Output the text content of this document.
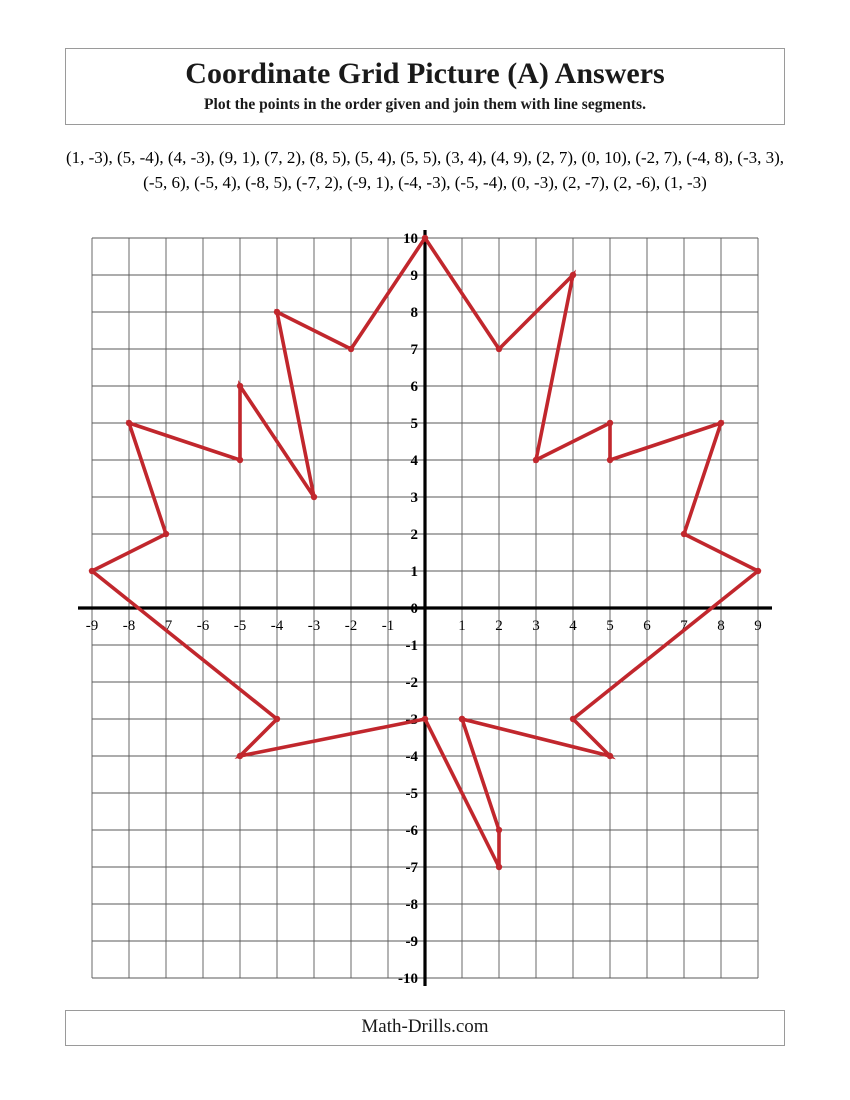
Coordinate Grid Picture (A) Answers
Plot the points in the order given and join them with line segments.
(1, -3), (5, -4), (4, -3), (9, 1), (7, 2), (8, 5), (5, 4), (5, 5), (3, 4), (4, 9), (2, 7), (0, 10), (-2, 7), (-4, 8), (-3, 3), (-5, 6), (-5, 4), (-8, 5), (-7, 2), (-9, 1), (-4, -3), (-5, -4), (0, -3), (2, -7), (2, -6), (1, -3)
-9 -8 -7 -6 -5 -4 -3 -2 -1	1 2 3 4 5 6 7 8 9
10
9
8
7
6
5
4
3
2
1
0
-1
-2
-3
-4
-5
-6
-7
-8
-9
-10
Math-Drills.com
